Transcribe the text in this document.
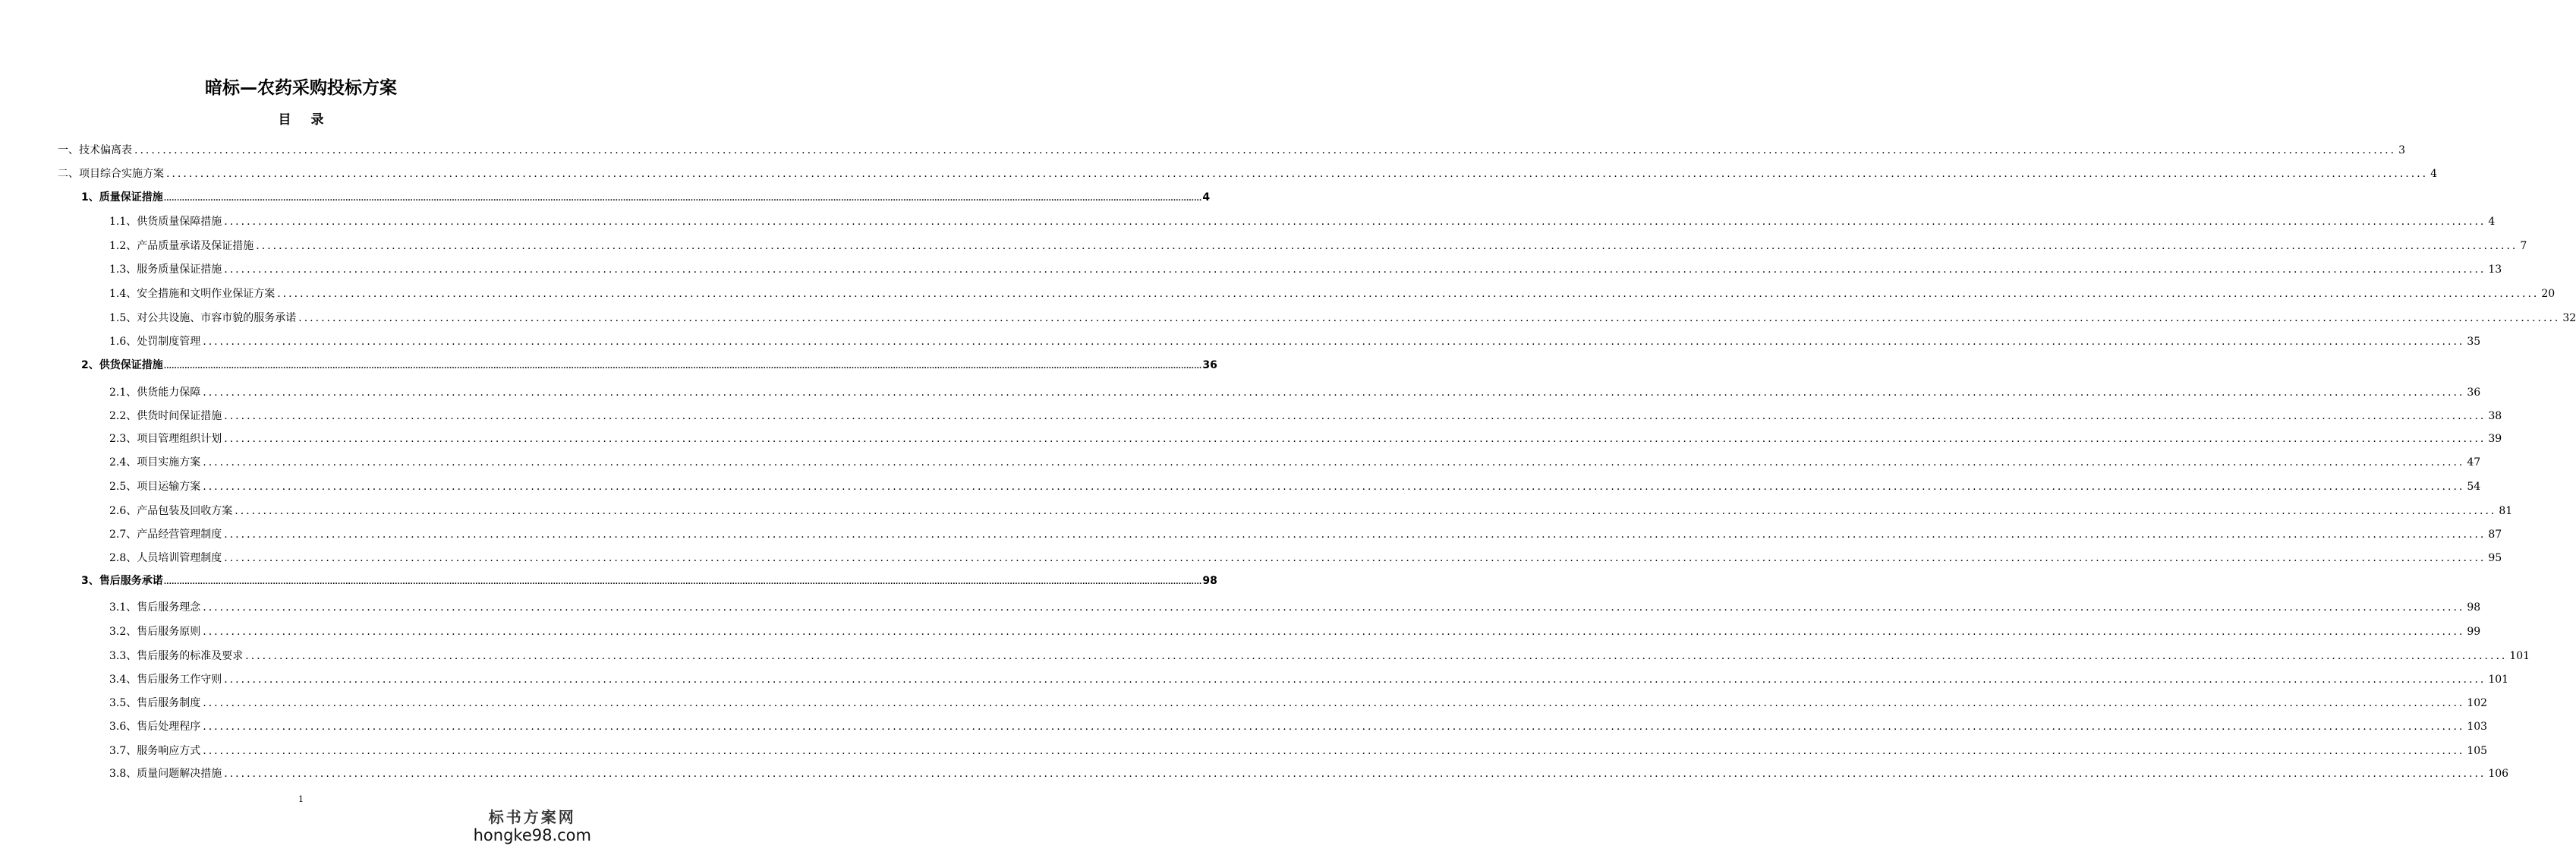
暗标—农药采购投标方案
目 录
一、技术偏离表 ................................................................................................................................................................................................................................................................................................................................................................................................................ 3
二、项目综合实施方案 ................................................................................................................................................................................................................................................................................................................................................................................................................ 4
1、质量保证措施 ................................................................................................................................................................................................................................................................................................................................................................................................................ 4
1.1、供货质量保障措施 ................................................................................................................................................................................................................................................................................................................................................................................................................ 4
1.2、产品质量承诺及保证措施 ................................................................................................................................................................................................................................................................................................................................................................................................................ 7
1.3、服务质量保证措施 ................................................................................................................................................................................................................................................................................................................................................................................................................ 13
1.4、安全措施和文明作业保证方案 ................................................................................................................................................................................................................................................................................................................................................................................................................ 20
1.5、对公共设施、市容市貌的服务承诺 ................................................................................................................................................................................................................................................................................................................................................................................................................ 32
1.6、处罚制度管理 ................................................................................................................................................................................................................................................................................................................................................................................................................ 35
2、供货保证措施 ................................................................................................................................................................................................................................................................................................................................................................................................................ 36
2.1、供货能力保障 ................................................................................................................................................................................................................................................................................................................................................................................................................ 36
2.2、供货时间保证措施 ................................................................................................................................................................................................................................................................................................................................................................................................................ 38
2.3、项目管理组织计划 ................................................................................................................................................................................................................................................................................................................................................................................................................ 39
2.4、项目实施方案 ................................................................................................................................................................................................................................................................................................................................................................................................................ 47
2.5、项目运输方案 ................................................................................................................................................................................................................................................................................................................................................................................................................ 54
2.6、产品包装及回收方案 ................................................................................................................................................................................................................................................................................................................................................................................................................ 81
2.7、产品经营管理制度 ................................................................................................................................................................................................................................................................................................................................................................................................................ 87
2.8、人员培训管理制度 ................................................................................................................................................................................................................................................................................................................................................................................................................ 95
3、售后服务承诺 ................................................................................................................................................................................................................................................................................................................................................................................................................ 98
3.1、售后服务理念 ................................................................................................................................................................................................................................................................................................................................................................................................................ 98
3.2、售后服务原则 ................................................................................................................................................................................................................................................................................................................................................................................................................ 99
3.3、售后服务的标准及要求 ................................................................................................................................................................................................................................................................................................................................................................................................................ 101
3.4、售后服务工作守则 ................................................................................................................................................................................................................................................................................................................................................................................................................ 101
3.5、售后服务制度 ................................................................................................................................................................................................................................................................................................................................................................................................................ 102
3.6、售后处理程序 ................................................................................................................................................................................................................................................................................................................................................................................................................ 103
3.7、服务响应方式 ................................................................................................................................................................................................................................................................................................................................................................................................................ 105
3.8、质量问题解决措施 ................................................................................................................................................................................................................................................................................................................................................................................................................ 106
1
标书方案网
hongke98.com
